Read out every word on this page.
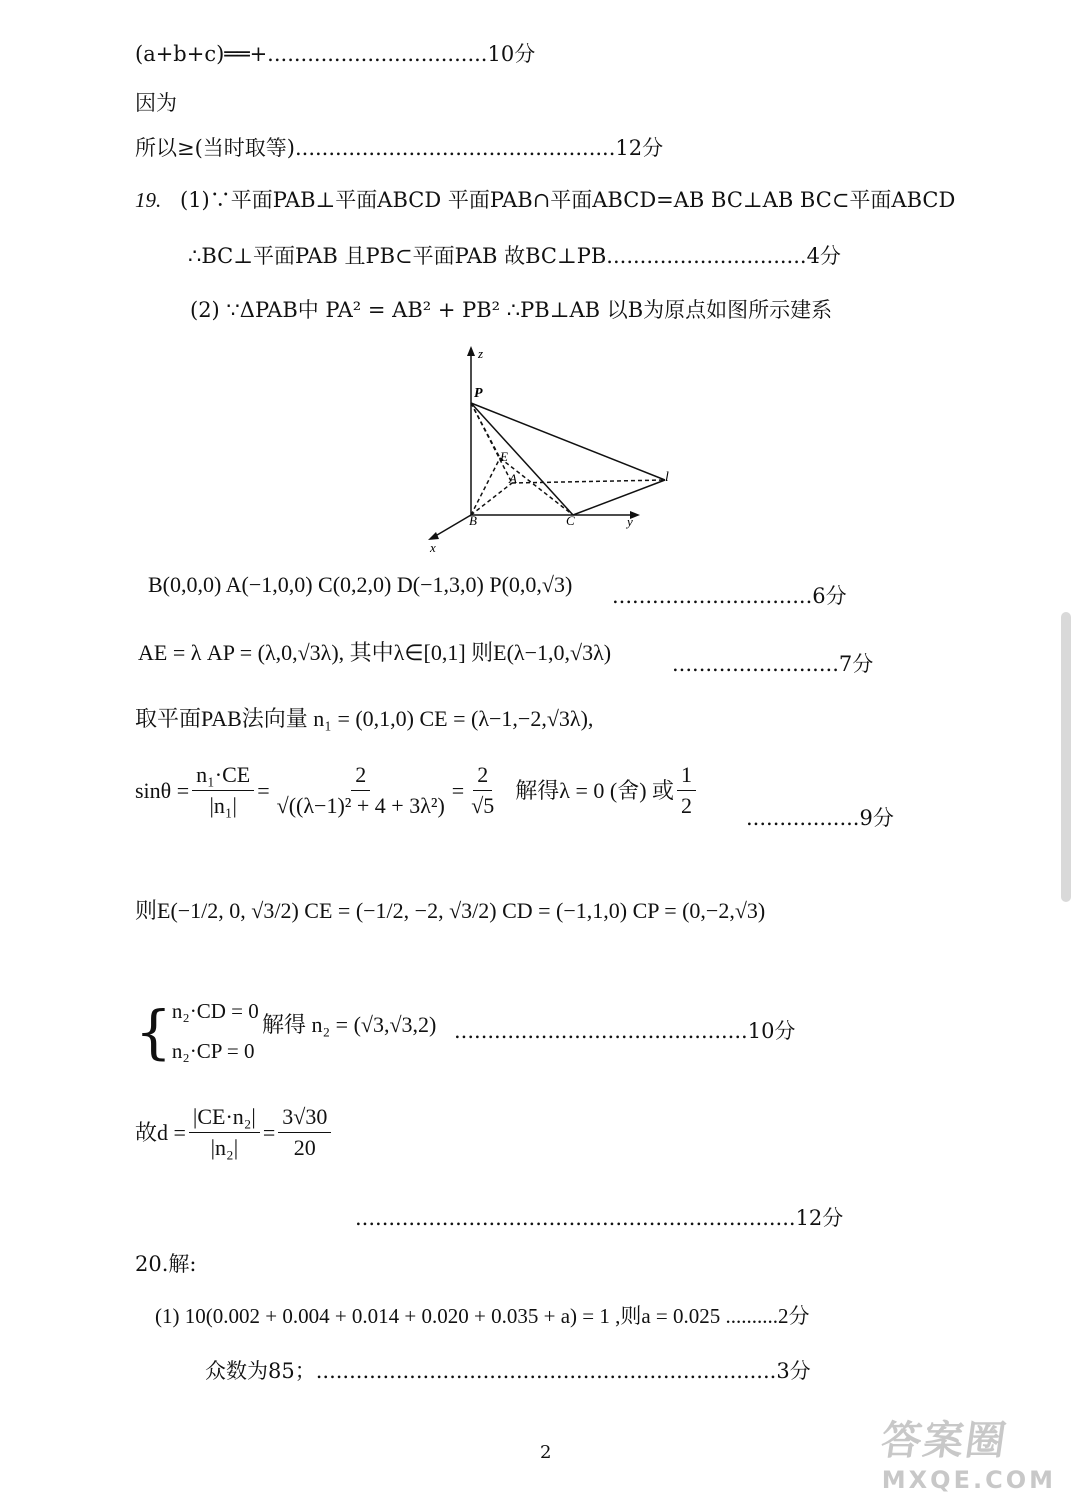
(a+b+c)══+.................................10分
因为
所以≥(当时取等)................................................12分
19. (1)∵平面PAB⊥平面ABCD 平面PAB∩平面ABCD=AB BC⊥AB BC⊂平面ABCD
∴BC⊥平面PAB 且PB⊂平面PAB 故BC⊥PB..............................4分
(2) ∵ΔPAB中 PA² = AB² + PB² ∴PB⊥AB 以B为原点如图所示建系
z
P
E
A	l
B	C	y
x
B(0,0,0) A(−1,0,0) C(0,2,0) D(−1,3,0) P(0,0,√3) ..............................6分
AE = λ AP = (λ,0,√3λ), 其中λ∈[0,1] 则E(λ−1,0,√3λ)	.........................7分
取平面PAB法向量 n₁ = (0,1,0) CE = (λ−1,−2,√3λ),
$\sin\theta = \frac{\text{n₁·CE}}{\text{|n₁|}} = \frac{2}{\text{√((λ−1)² + 4 + 3λ²)}} = \frac{2}{√5}$ 解得λ = 0 (舍) 或 $\frac{1}{2} .................9$分
则E(−1/2, 0, √3/2) CE = (−1/2, −2, √3/2) CD = (−1,1,0) CP = (0,−2,√3)
{ n₂·CD = 0
n₂·CP = 0
解得 n₂ = (√3,√3,2) ............................................10分
故$d = \frac{\text{|CE·n₂|}}{\text{|n₂|}} = \frac{3√30}{20}$
..................................................................12分
20.解:
(1) 10(0.002 + 0.004 + 0.014 + 0.020 + 0.035 + a) = 1 ,则a = 0.025 ..........2分
众数为85；.....................................................................3分
2	答案圈
MXQE.COM
